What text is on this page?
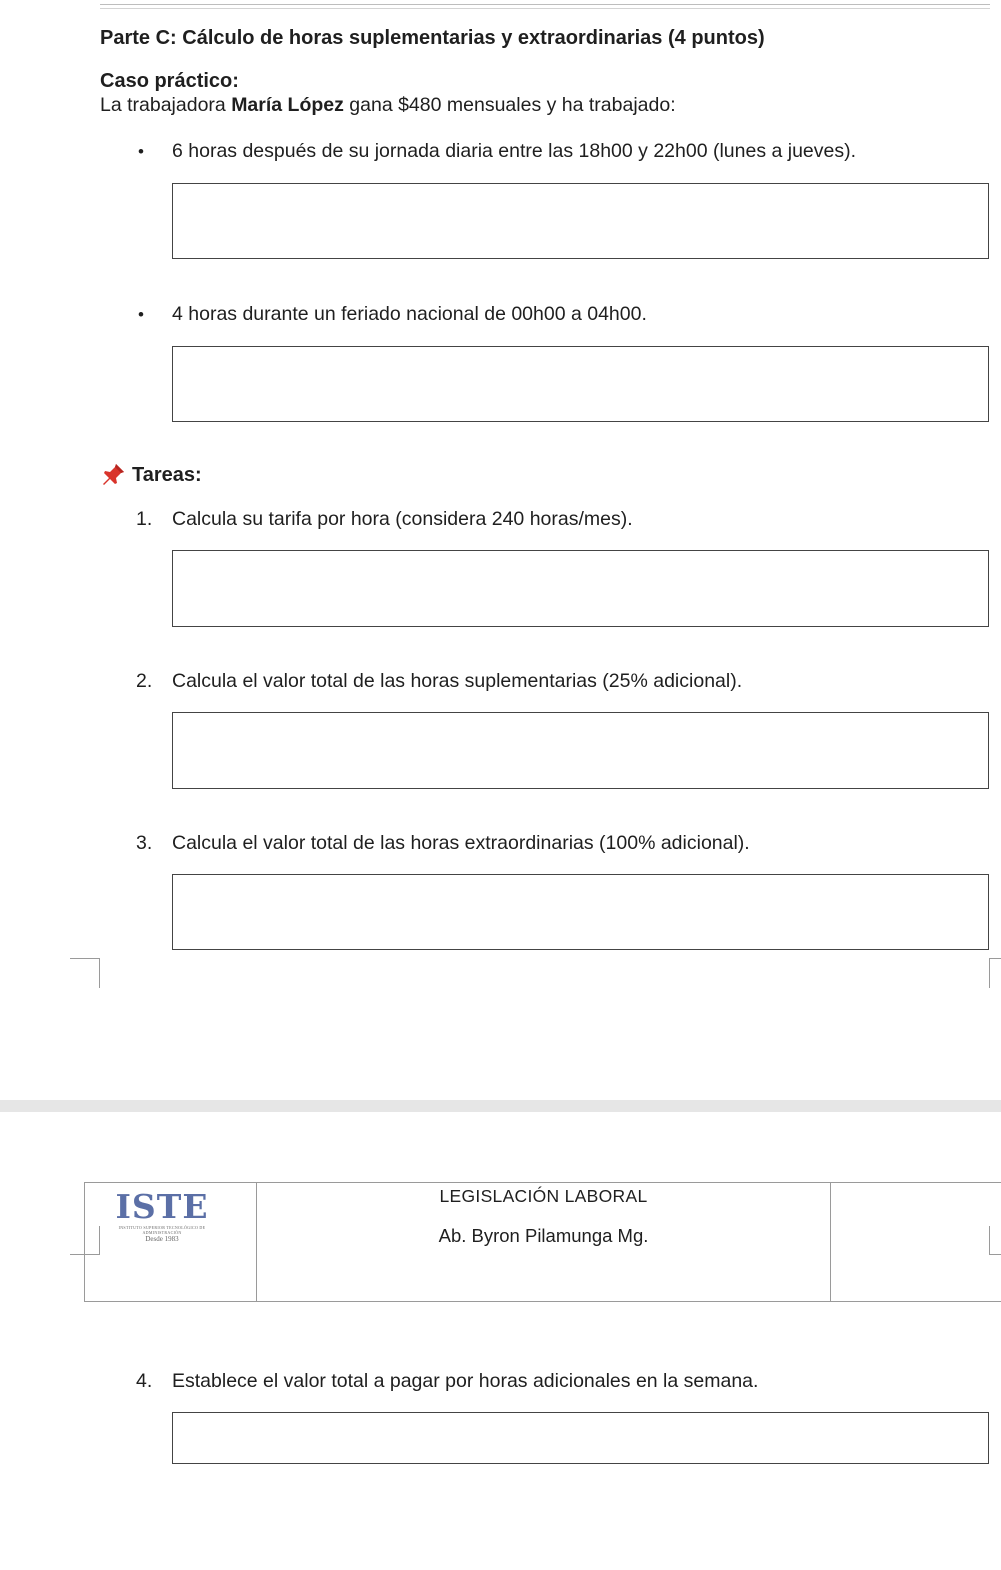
Parte C: Cálculo de horas suplementarias y extraordinarias (4 puntos)
Caso práctico:
La trabajadora María López gana $480 mensuales y ha trabajado:
• 6 horas después de su jornada diaria entre las 18h00 y 22h00 (lunes a jueves).
• 4 horas durante un feriado nacional de 00h00 a 04h00.
Tareas:
1. Calcula su tarifa por hora (considera 240 horas/mes).
2. Calcula el valor total de las horas suplementarias (25% adicional).
3. Calcula el valor total de las horas extraordinarias (100% adicional).
ISTE
INSTITUTO SUPERIOR TECNOLÓGICO DE ADMINISTRACIÓN
Desde 1983
LEGISLACIÓN LABORAL
Ab. Byron Pilamunga Mg.
4. Establece el valor total a pagar por horas adicionales en la semana.
